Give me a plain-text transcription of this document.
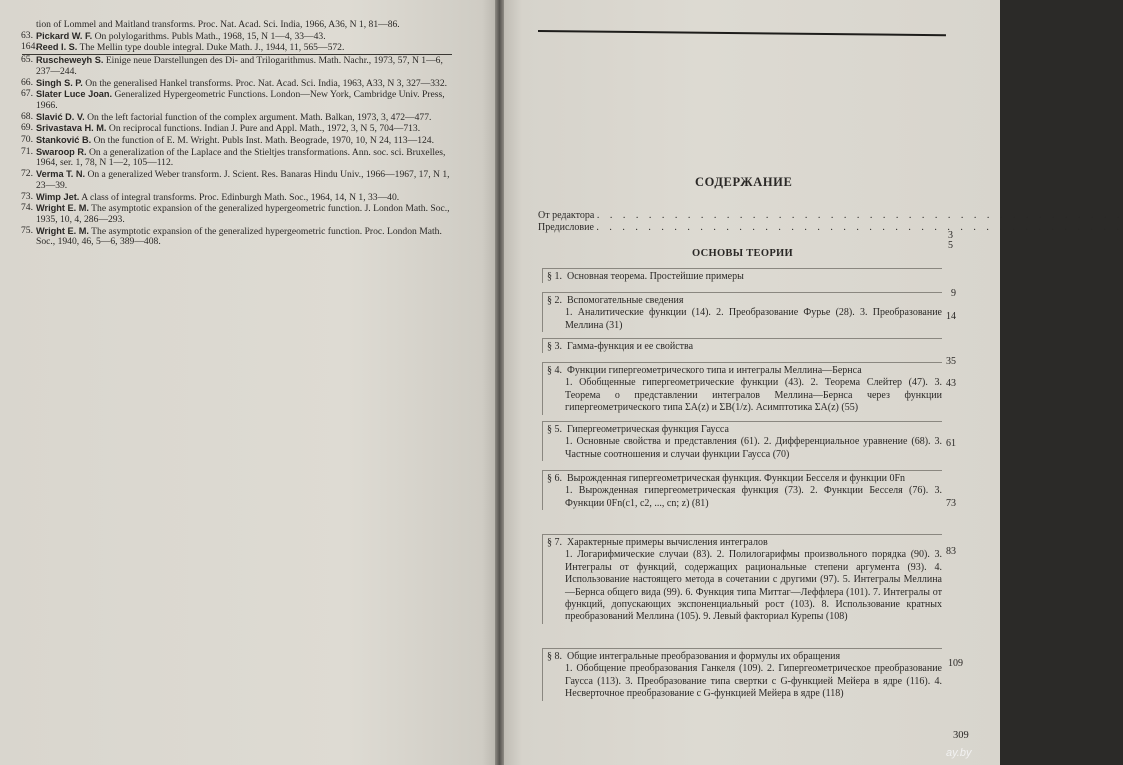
tion of Lommel and Maitland transforms. Proc. Nat. Acad. Sci. India, 1966, A36, N 1, 81—86.

63. Pickard W. F. On polylogarithms. Publs Math., 1968, 15, N 1—4, 33—43.

164.
Reed I. S. The Mellin type double integral. Duke Math. J., 1944, 11, 565—572.

65. Ruscheweyh S. Einige neue Darstellungen des Di- and Trilogarithmus. Math. Nachr., 1973, 57, N 1—6, 237—244.

66. Singh S. P. On the generalised Hankel transforms. Proc. Nat. Acad. Sci. India, 1963, A33, N 3, 327—332.

67. Slater Luce Joan. Generalized Hypergeometric Functions. London—New York, Cambridge Univ. Press, 1966.

68. Slavić D. V. On the left factorial function of the complex argument. Math. Balkan, 1973, 3, 472—477.

69. Srivastava H. M. On reciprocal functions. Indian J. Pure and Appl. Math., 1972, 3, N 5, 704—713.

70. Stanković B. On the function of E. M. Wright. Publs Inst. Math. Beograde, 1970, 10, N 24, 113—124.

71. Swaroop R. On a generalization of the Laplace and the Stieltjes transformations. Ann. soc. sci. Bruxelles, 1964, ser. 1, 78, N 1—2, 105—112.

72. Verma T. N. On a generalized Weber transform. J. Scient. Res. Banaras Hindu Univ., 1966—1967, 17, N 1, 23—39.

73. Wimp Jet. A class of integral transforms. Proc. Edinburgh Math. Soc., 1964, 14, N 1, 33—40.

74. Wright E. M. The asymptotic expansion of the generalized hypergeometric function. J. London Math. Soc., 1935, 10, 4, 286—293.

75. Wright E. M. The asymptotic expansion of the generalized hypergeometric function. Proc. London Math. Soc., 1940, 46, 5—6, 389—408.

СОДЕРЖАНИЕ
От редактора . . . . . . . . . . . . . . . . . . . . . . . . . . . . . . . . . . . . . . . . .
Предисловие . . . . . . . . . . . . . . . . . . . . . . . . . . . . . . . . . . . . . . . . .
3
5
ОСНОВЫ ТЕОРИИ
§ 1. Основная теорема. Простейшие примеры
9
§ 2. Вспомогательные сведения
1. Аналитические функции (14). 2. Преобразование Фурье (28). 3. Преобразование Меллина (31)
14
§ 3. Гамма-функция и ее свойства
35
§ 4. Функции гипергеометрического типа и интегралы Меллина—Бернса
1. Обобщенные гипергеометрические функции (43). 2. Теорема Слейтер (47). 3. Теорема о представлении интегралов Меллина—Бернса через функции гипергеометрического типа ΣA(z) и ΣB(1/z). Асимптотика ΣA(z) (55)
43
§ 5. Гипергеометрическая функция Гаусса
1. Основные свойства и представления (61). 2. Дифференциальное уравнение (68). 3. Частные соотношения и случаи функции Гаусса (70)
61
§ 6. Вырожденная гипергеометрическая функция. Функции Бесселя и функции 0Fn
1. Вырожденная гипергеометрическая функция (73). 2. Функции Бесселя (76). 3. Функции 0Fn(c1, c2, ..., cn; z) (81)	73
§ 7. Характерные примеры вычисления интегралов
1. Логарифмические случаи (83). 2. Полилогарифмы произвольного порядка (90). 3. Интегралы от функций, содержащих рациональные степени аргумента (93). 4. Использование настоящего метода в сочетании с другими (97). 5. Интегралы Меллина—Бернса общего вида (99). 6. Функция типа Миттаг—Леффлера (101). 7. Интегралы от функций, допускающих экспоненциальный рост (103). 8. Использование кратных преобразований Меллина (105). 9. Левый факториал Курепы (108)
83
§ 8. Общие интегральные преобразования и формулы их обращения
1. Обобщение преобразования Ганкеля (109). 2. Гипергеометрическое преобразование Гаусса (113). 3. Преобразование типа свертки с G-функцией Мейера в ядре (116). 4. Несверточное преобразование с G-функцией Мейера в ядре (118)
109
309
ay.by
